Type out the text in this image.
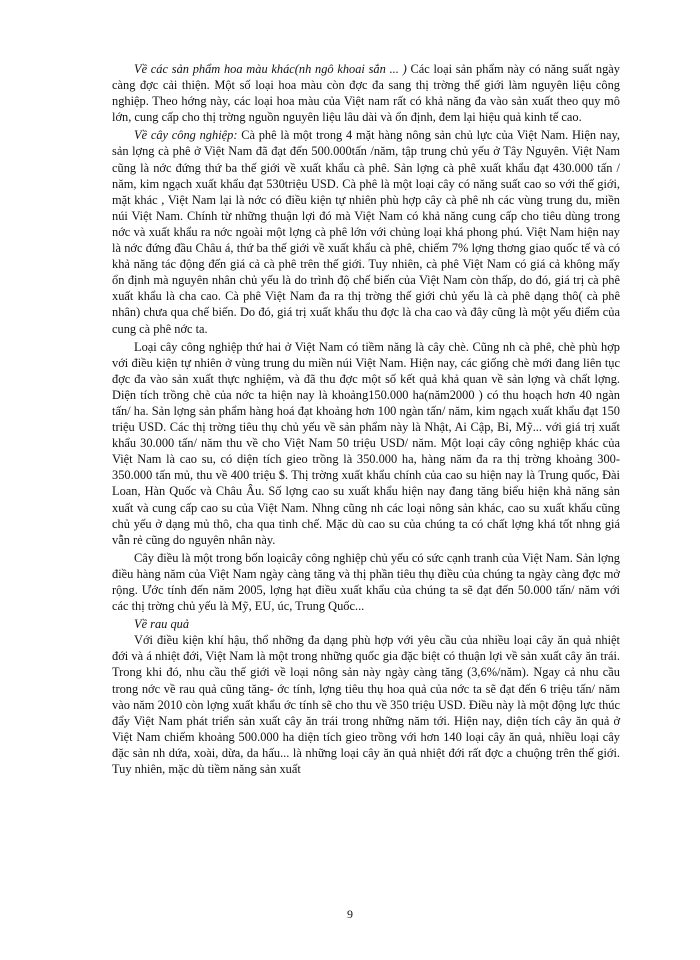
Về các sản phẩm hoa màu khác(nh ngô khoai sắn ... ) Các loại sản phẩm này có năng suất ngày càng đợc cải thiện. Một số loại hoa màu còn đợc đa sang thị trờng thế giới làm nguyên liệu công nghiệp. Theo hớng này, các loại hoa màu của Việt nam rất có khả năng đa vào sản xuất theo quy mô lớn, cung cấp cho thị trờng nguồn nguyên liệu lâu dài và ổn định, đem lại hiệu quả kinh tế cao.

Về cây công nghiệp: Cà phê là một trong 4 mặt hàng nông sản chủ lực của Việt Nam. Hiện nay, sản lợng cà phê ở Việt Nam đã đạt đến 500.000tấn /năm, tập trung chủ yếu ở Tây Nguyên. Việt Nam cũng là nớc đứng thứ ba thế giới về xuất khẩu cà phê. Sản lợng cà phê xuất khẩu đạt 430.000 tấn / năm, kim ngạch xuất khẩu đạt 530triệu USD. Cà phê là một loại cây có năng suất cao so với thế giới, mặt khác , Việt Nam lại là nớc có điều kiện tự nhiên phù hợp cây cà phê nh các vùng trung du, miền núi Việt Nam. Chính từ những thuận lợi đó mà Việt Nam có khả năng cung cấp cho tiêu dùng trong nớc và xuất khẩu ra nớc ngoài một lợng cà phê lớn với chủng loại khá phong phú. Việt Nam hiện nay là nớc đứng đầu Châu á, thứ ba thế giới về xuất khẩu cà phê, chiếm 7% lợng thơng giao quốc tế và có khả năng tác động đến giá cả cà phê trên thế giới. Tuy nhiên, cà phê Việt Nam có giá cả không mấy ổn định mà nguyên nhân chủ yếu là do trình độ chế biến của Việt Nam còn thấp, do đó, giá trị cà phê xuất khẩu là cha cao. Cà phê Việt Nam đa ra thị trờng thế giới chủ yếu là cà phê dạng thô( cà phê nhân) chưa qua chế biến. Do đó, giá trị xuất khẩu thu đợc là cha cao và đây cũng là một yếu điểm của cung cà phê nớc ta.

Loại cây công nghiệp thứ hai ở Việt Nam có tiềm năng là cây chè. Cũng nh cà phê, chè phù hợp với điều kiện tự nhiên ở vùng trung du miền núi Việt Nam. Hiện nay, các giống chè mới đang liên tục đợc đa vào sản xuất thực nghiệm, và đã thu đợc một số kết quả khả quan về sản lợng và chất lợng. Diện tích trồng chè của nớc ta hiện nay là khoảng150.000 ha(năm2000 ) có thu hoạch hơn 40 ngàn tấn/ ha. Sản lợng sản phẩm hàng hoá đạt khoảng hơn 100 ngàn tấn/ năm, kim ngạch xuất khẩu đạt 150 triệu USD. Các thị trờng tiêu thụ chủ yếu về sản phẩm này là Nhật, Ai Cập, Bỉ, Mỹ... với giá trị xuất khẩu 30.000 tấn/ năm thu về cho Việt Nam 50 triệu USD/ năm. Một loại cây công nghiệp khác của Việt Nam là cao su, có diện tích gieo trồng là 350.000 ha, hàng năm đa ra thị trờng khoảng 300- 350.000 tấn mủ, thu về 400 triệu $. Thị trờng xuất khẩu chính của cao su hiện nay là Trung quốc, Đài Loan, Hàn Quốc và Châu Âu. Số lợng cao su xuất khẩu hiện nay đang tăng biểu hiện khả năng sản xuất và cung cấp cao su của Việt Nam. Nhng cũng nh các loại nông sản khác, cao su xuất khẩu cũng chủ yếu ở dạng mủ thô, cha qua tinh chế. Mặc dù cao su của chúng ta có chất lợng khá tốt nhng giá vẫn rẻ cũng do nguyên nhân này.

Cây điều là một trong bốn loạicây công nghiệp chủ yếu có sức cạnh tranh của Việt Nam. Sản lợng điều hàng năm của Việt Nam ngày càng tăng và thị phần tiêu thụ điều của chúng ta ngày càng đợc mở rộng. Ước tính đến năm 2005, lợng hạt điều xuất khẩu của chúng ta sẽ đạt đến 50.000 tấn/ năm với các thị trờng chủ yếu là Mỹ, EU, úc, Trung Quốc...

Về rau quả

Với điều kiện khí hậu, thổ nhỡng đa dạng phù hợp với yêu cầu của nhiều loại cây ăn quả nhiệt đới và á nhiệt đới, Việt Nam là một trong những quốc gia đặc biệt có thuận lợi về sản xuất cây ăn trái. Trong khi đó, nhu cầu thế giới về loại nông sản này ngày càng tăng (3,6%/năm). Ngay cả nhu cầu trong nớc về rau quả cũng tăng- ớc tính, lợng tiêu thụ hoa quả của nớc ta sẽ đạt đến 6 triệu tấn/ năm vào năm 2010 còn lợng xuất khẩu ớc tính sẽ cho thu về 350 triệu USD. Điều này là một động lực thúc đẩy Việt Nam phát triển sản xuất cây ăn trái trong những năm tới. Hiện nay, diện tích cây ăn quả ở Việt Nam chiếm khoảng 500.000 ha diện tích gieo trồng với hơn 140 loại cây ăn quả, nhiều loại cây đặc sản nh dứa, xoài, dừa, da hấu... là những loại cây ăn quả nhiệt đới rất đợc a chuộng trên thế giới. Tuy nhiên, mặc dù tiềm năng sản xuất

9
